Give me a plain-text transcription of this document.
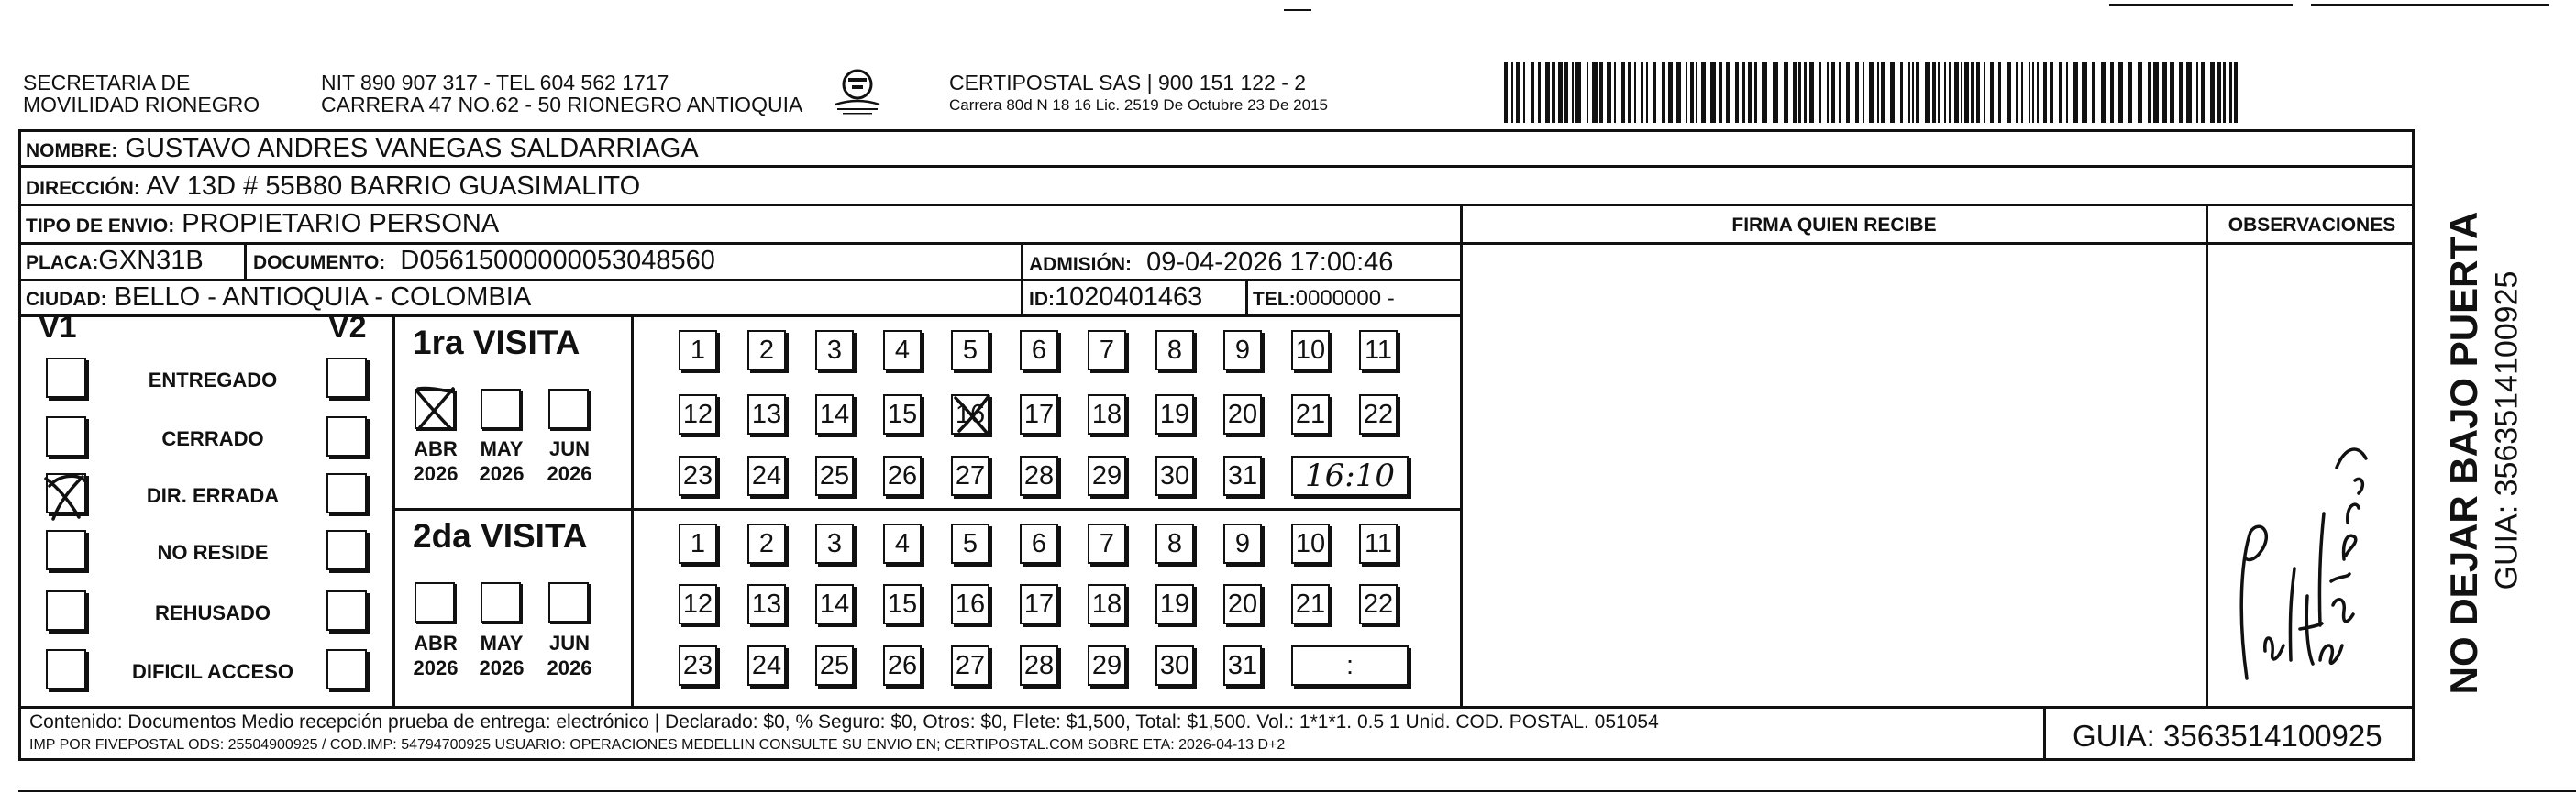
SECRETARIA DE
MOVILIDAD RIONEGRO
NIT 890 907 317 - TEL 604 562 1717
CARRERA 47 NO.62 - 50 RIONEGRO ANTIOQUIA
CERTIPOSTAL SAS | 900 151 122 - 2
Carrera 80d N 18 16 Lic. 2519 De Octubre 23 De 2015
NOMBRE: GUSTAVO ANDRES VANEGAS SALDARRIAGA
DIRECCIÓN: AV 13D # 55B80 BARRIO GUASIMALITO
TIPO DE ENVIO: PROPIETARIO PERSONA	FIRMA QUIEN RECIBE	OBSERVACIONES
PLACA:GXN31B	DOCUMENTO: D05615000000053048560	ADMISIÓN: 09-04-2026 17:00:46
CIUDAD: BELLO - ANTIOQUIA - COLOMBIA	ID:1020401463	TEL:0000000 -
V1	V2
ENTREGADO
CERRADO
DIR. ERRADA
NO RESIDE
REHUSADO
DIFICIL ACCESO
1ra VISITA
2da VISITA
ABR
2026
MAY
2026
JUN
2026
1	2	3	4	5	6	7	8	9	10 11
12 13 14 15 16 17 18 19 20 21 22
23 24 25 26 27 28 29 30 31	16:10
ABR
2026
MAY
2026
JUN
2026
1	2	3	4	5	6	7	8	9	10 11
12 13 14 15 16 17 18 19 20 21 22
23 24 25 26 27 28 29 30 31	:	NO DEJAR BAJO PUERTA GUIA: 3563514100925
Contenido: Documentos Medio recepción prueba de entrega: electrónico | Declarado: $0, % Seguro: $0, Otros: $0, Flete: $1,500, Total: $1,500. Vol.: 1*1*1. 0.5 1 Unid. COD. POSTAL. 051054
IMP POR FIVEPOSTAL ODS: 25504900925 / COD.IMP: 54794700925 USUARIO: OPERACIONES MEDELLIN CONSULTE SU ENVIO EN; CERTIPOSTAL.COM SOBRE ETA: 2026-04-13 D+2	GUIA: 3563514100925
